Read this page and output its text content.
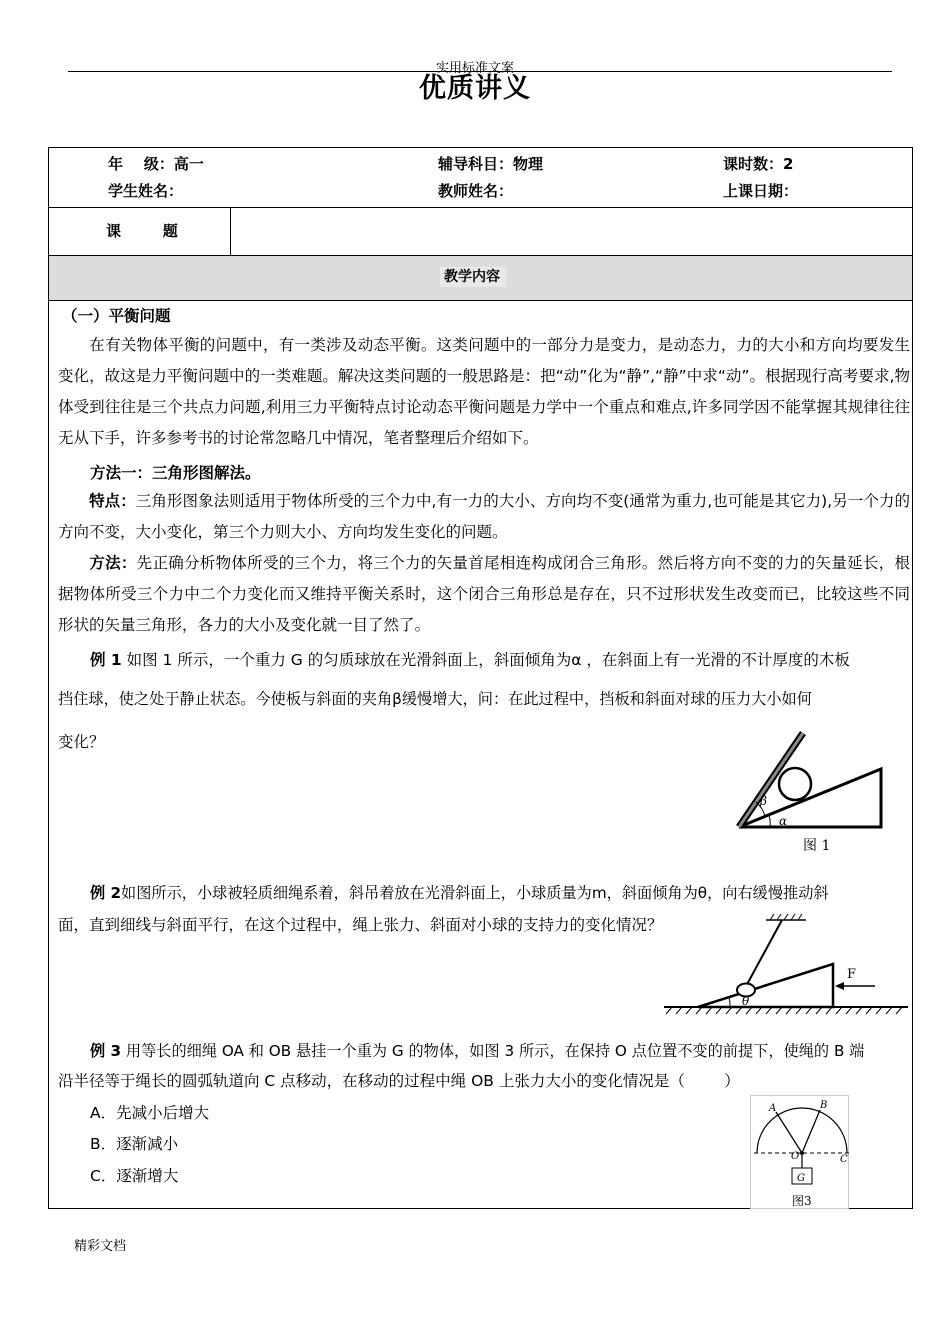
实用标准文案
优质讲义
年    级：高一	辅导科目：物理	课时数：2
学生姓名：	教师姓名：	上课日期：
课        题
教学内容
（一）平衡问题
在有关物体平衡的问题中，有一类涉及动态平衡。这类问题中的一部分力是变力，是动态力，力的大小和方向均要发生变化，故这是力平衡问题中的一类难题。解决这类问题的一般思路是：把“动”化为“静”,“静”中求“动”。根据现行高考要求,物体受到往往是三个共点力问题,利用三力平衡特点讨论动态平衡问题是力学中一个重点和难点,许多同学因不能掌握其规律往往无从下手，许多参考书的讨论常忽略几中情况，笔者整理后介绍如下。
方法一：三角形图解法。
特点：三角形图象法则适用于物体所受的三个力中,有一力的大小、方向均不变(通常为重力,也可能是其它力),另一个力的方向不变，大小变化，第三个力则大小、方向均发生变化的问题。
方法：先正确分析物体所受的三个力，将三个力的矢量首尾相连构成闭合三角形。然后将方向不变的力的矢量延长，根据物体所受三个力中二个力变化而又维持平衡关系时，这个闭合三角形总是存在，只不过形状发生改变而已，比较这些不同形状的矢量三角形，各力的大小及变化就一目了然了。
例 1 如图 1 所示，一个重力 G 的匀质球放在光滑斜面上，斜面倾角为α ，在斜面上有一光滑的不计厚度的木板
挡住球，使之处于静止状态。今使板与斜面的夹角β缓慢增大，问：在此过程中，挡板和斜面对球的压力大小如何
变化？
β
α
图 1
例 2如图所示，小球被轻质细绳系着，斜吊着放在光滑斜面上，小球质量为m，斜面倾角为θ，向右缓慢推动斜
面，直到细线与斜面平行，在这个过程中，绳上张力、斜面对小球的支持力的变化情况？
θ
F
例 3 用等长的细绳 OA 和 OB 悬挂一个重为 G 的物体，如图 3 所示，在保持 O 点位置不变的前提下，使绳的 B 端
沿半径等于绳长的圆弧轨道向 C 点移动，在移动的过程中绳 OB 上张力大小的变化情况是（        ）
A．先减小后增大
B．逐渐减小
C．逐渐增大	G
A	B
O	C
图3
精彩文档
